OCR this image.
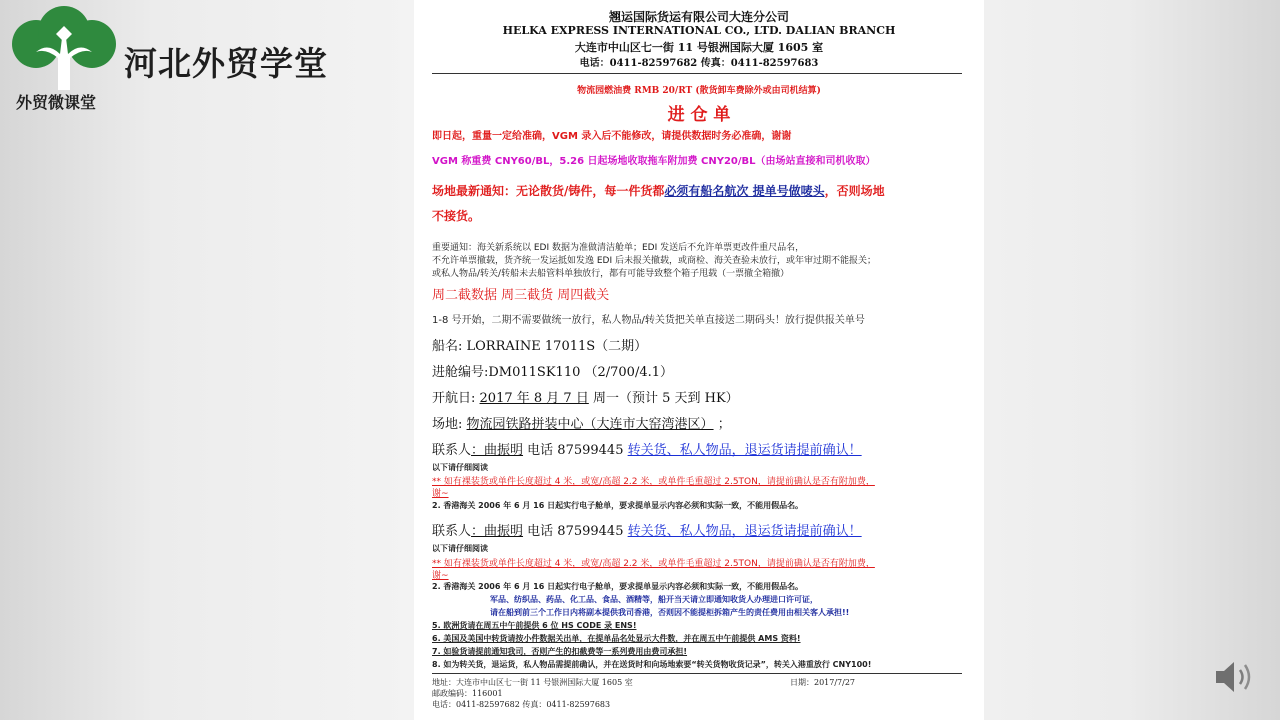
河北外贸学堂
外贸微课堂
翘运国际货运有限公司大连分公司
HELKA EXPRESS INTERNATIONAL CO., LTD. DALIAN BRANCH
大连市中山区七一街 11 号银洲国际大厦 1605 室
电话：0411-82597682 传真：0411-82597683
物流园燃油费 RMB 20/RT (散货卸车费除外或由司机结算)
进 仓 单
即日起，重量一定给准确，VGM 录入后不能修改，请提供数据时务必准确，谢谢
VGM 称重费 CNY60/BL，5.26 日起场地收取拖车附加费 CNY20/BL（由场站直接和司机收取）
场地最新通知：无论散货/铸件，每一件货都必须有船名航次 提单号做唛头，否则场地
不接货。
重要通知：海关新系统以 EDI 数据为准做清洁舱单；EDI 发送后不允许单票更改件重尺品名，
不允许单票撤载，货齐统一发运抵如发逸 EDI 后未报关撤载，或商检、海关查验未放行，或年审过期不能报关；
或私人物品/转关/转船未去船管料单独放行，都有可能导致整个箱子甩载（一票撤全箱撤）
周二截数据 周三截货 周四截关
1-8 号开始，二期不需要做统一放行，私人物品/转关货把关单直接送二期码头！放行提供报关单号
船名: LORRAINE 17011S（二期）
进舱编号:DM011SK110 （2/700/4.1）
开航日: 2017 年 8 月 7 日 周一（预计 5 天到 HK）
场地: 物流园铁路拼装中心（大连市大窑湾港区） ；
联系人：曲振明 电话 87599445 转关货、私人物品，退运货请提前确认！
以下请仔细阅读
** 如有裸装货或单件长度超过 4 米，或宽/高超 2.2 米，或单件毛重超过 2.5TON，请提前确认是否有附加费，
谢~
2. 香港海关 2006 年 6 月 16 日起实行电子舱单，要求提单显示内容必须和实际一致，不能用假品名。
联系人：曲振明 电话 87599445 转关货、私人物品，退运货请提前确认！
以下请仔细阅读
** 如有裸装货或单件长度超过 4 米，或宽/高超 2.2 米，或单件毛重超过 2.5TON，请提前确认是否有附加费，
谢~
2. 香港海关 2006 年 6 月 16 日起实行电子舱单，要求提单显示内容必须和实际一致，不能用假品名。
军品、纺织品、药品、化工品、食品、酒精等，船开当天请立即通知收货人办理进口许可证，
请在船到前三个工作日内将副本提供我司香港，否则因不能提柜拆箱产生的责任费用由相关客人承担!!
5. 欧洲货请在周五中午前提供 6 位 HS CODE 录 ENS!
6. 美国及美国中转货请按小件数据关出单，在提单品名处显示大件数，并在周五中午前提供 AMS 资料!
7. 如验货请提前通知我司，否则产生的扣截费等一系列费用由费司承担!
8. 如为转关货，退运货，私人物品需提前确认，并在送货时和向场地索要“转关货物收货记录”，转关入港重放行 CNY100!
地址：大连市中山区七一街 11 号银洲国际大厦 1605 室	日期：2017/7/27
邮政编码：116001
电话：0411-82597682 传真：0411-82597683
